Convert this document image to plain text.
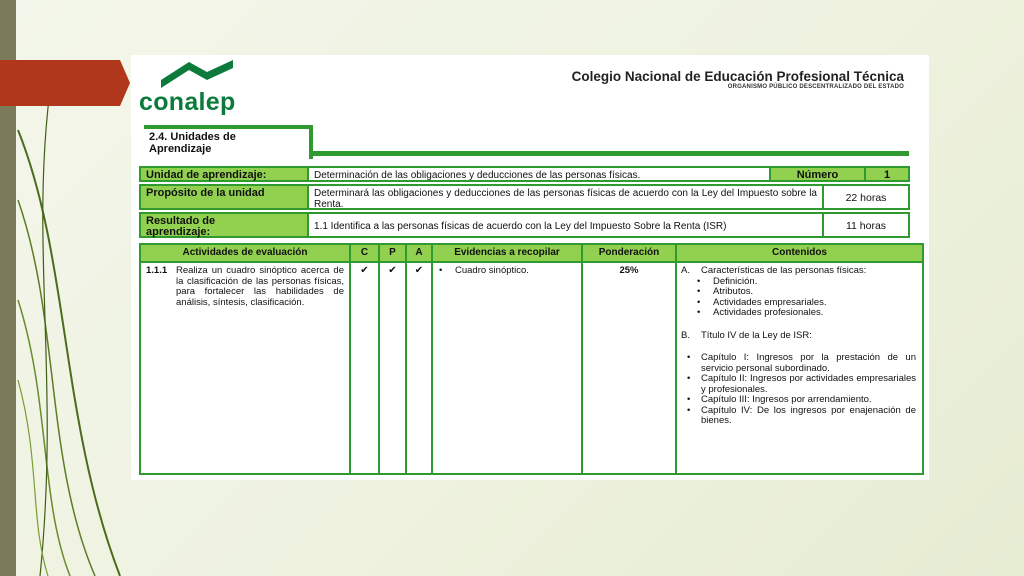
conalep
Colegio Nacional de Educación Profesional Técnica
ORGANISMO PÚBLICO DESCENTRALIZADO DEL ESTADO
2.4. Unidades de
Aprendizaje
Unidad de aprendizaje:	Determinación de las obligaciones y deducciones de las personas físicas.	Número	1
Propósito de la unidad	Determinará las obligaciones y deducciones de las personas físicas de acuerdo con la Ley del Impuesto sobre la Renta.
22 horas
Resultado de
aprendizaje:	1.1 Identifica a las personas físicas de acuerdo con la Ley del Impuesto Sobre la Renta (ISR)	11 horas
Actividades de evaluación	C	P	A	Evidencias a recopilar	Ponderación	Contenidos
1.1.1 Realiza un cuadro sinóptico acerca de la clasificación de las personas físicas, para fortalecer las habilidades de análisis, síntesis, clasificación.
✔	✔	✔
•	Cuadro sinóptico.	25%	A.	Características de las personas físicas:
• Definición.
• Atributos.
• Actividades empresariales.
• Actividades profesionales.
B.	Título IV de la Ley de ISR:
• Capítulo I: Ingresos por la prestación de un servicio personal subordinado.
• Capítulo II: Ingresos por actividades empresariales y profesionales.
• Capítulo III: Ingresos por arrendamiento.
• Capítulo IV: De los ingresos por enajenación de bienes.
